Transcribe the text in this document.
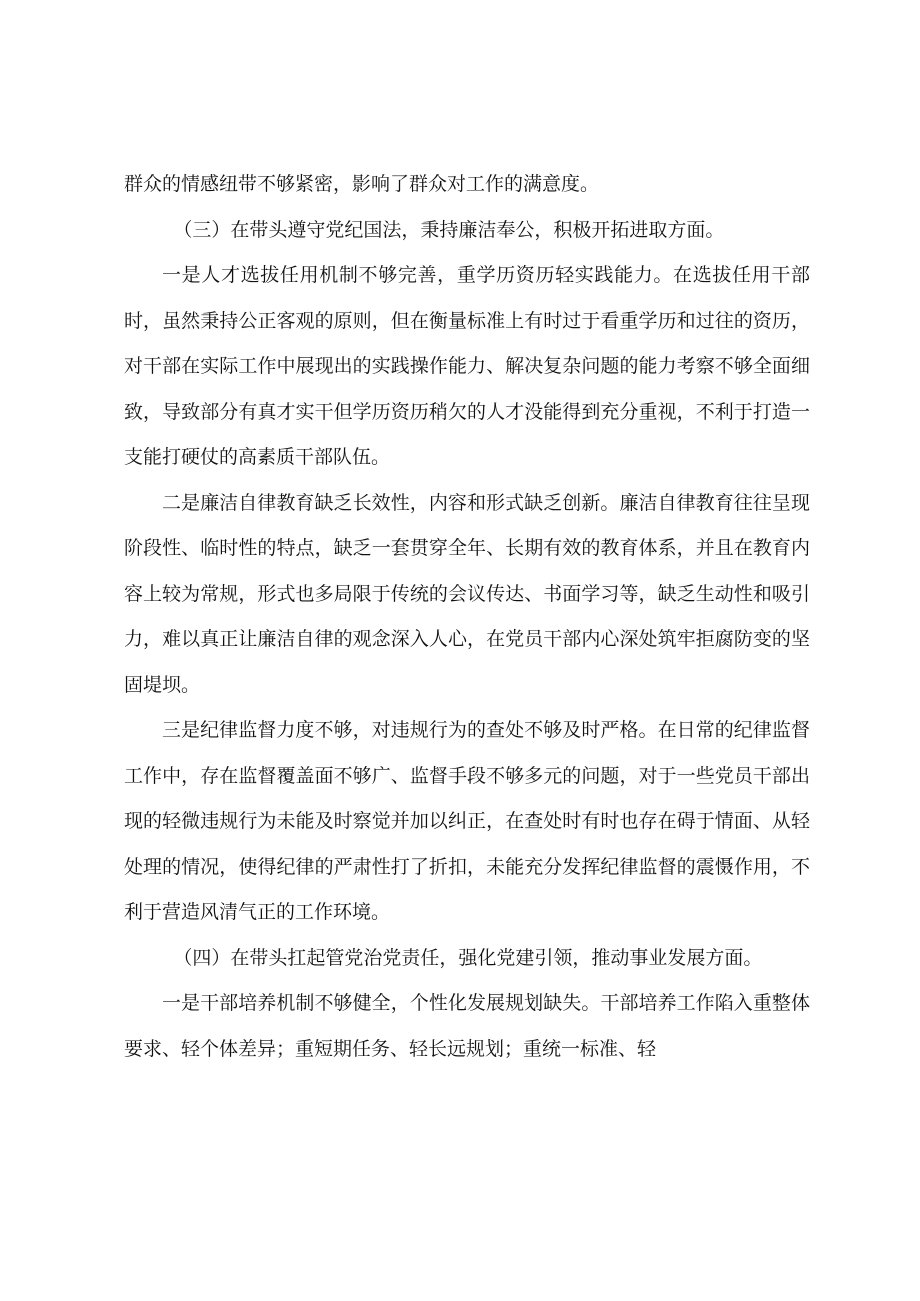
群众的情感纽带不够紧密，影响了群众对工作的满意度。

（三）在带头遵守党纪国法，秉持廉洁奉公，积极开拓进取方面。

一是人才选拔任用机制不够完善，重学历资历轻实践能力。在选拔任用干部时，虽然秉持公正客观的原则，但在衡量标准上有时过于看重学历和过往的资历，对干部在实际工作中展现出的实践操作能力、解决复杂问题的能力考察不够全面细致，导致部分有真才实干但学历资历稍欠的人才没能得到充分重视，不利于打造一支能打硬仗的高素质干部队伍。

二是廉洁自律教育缺乏长效性，内容和形式缺乏创新。廉洁自律教育往往呈现阶段性、临时性的特点，缺乏一套贯穿全年、长期有效的教育体系，并且在教育内容上较为常规，形式也多局限于传统的会议传达、书面学习等，缺乏生动性和吸引力，难以真正让廉洁自律的观念深入人心，在党员干部内心深处筑牢拒腐防变的坚固堤坝。

三是纪律监督力度不够，对违规行为的查处不够及时严格。在日常的纪律监督工作中，存在监督覆盖面不够广、监督手段不够多元的问题，对于一些党员干部出现的轻微违规行为未能及时察觉并加以纠正，在查处时有时也存在碍于情面、从轻处理的情况，使得纪律的严肃性打了折扣，未能充分发挥纪律监督的震慑作用，不利于营造风清气正的工作环境。

（四）在带头扛起管党治党责任，强化党建引领，推动事业发展方面。

一是干部培养机制不够健全，个性化发展规划缺失。干部培养工作陷入重整体要求、轻个体差异；重短期任务、轻长远规划；重统一标准、轻
